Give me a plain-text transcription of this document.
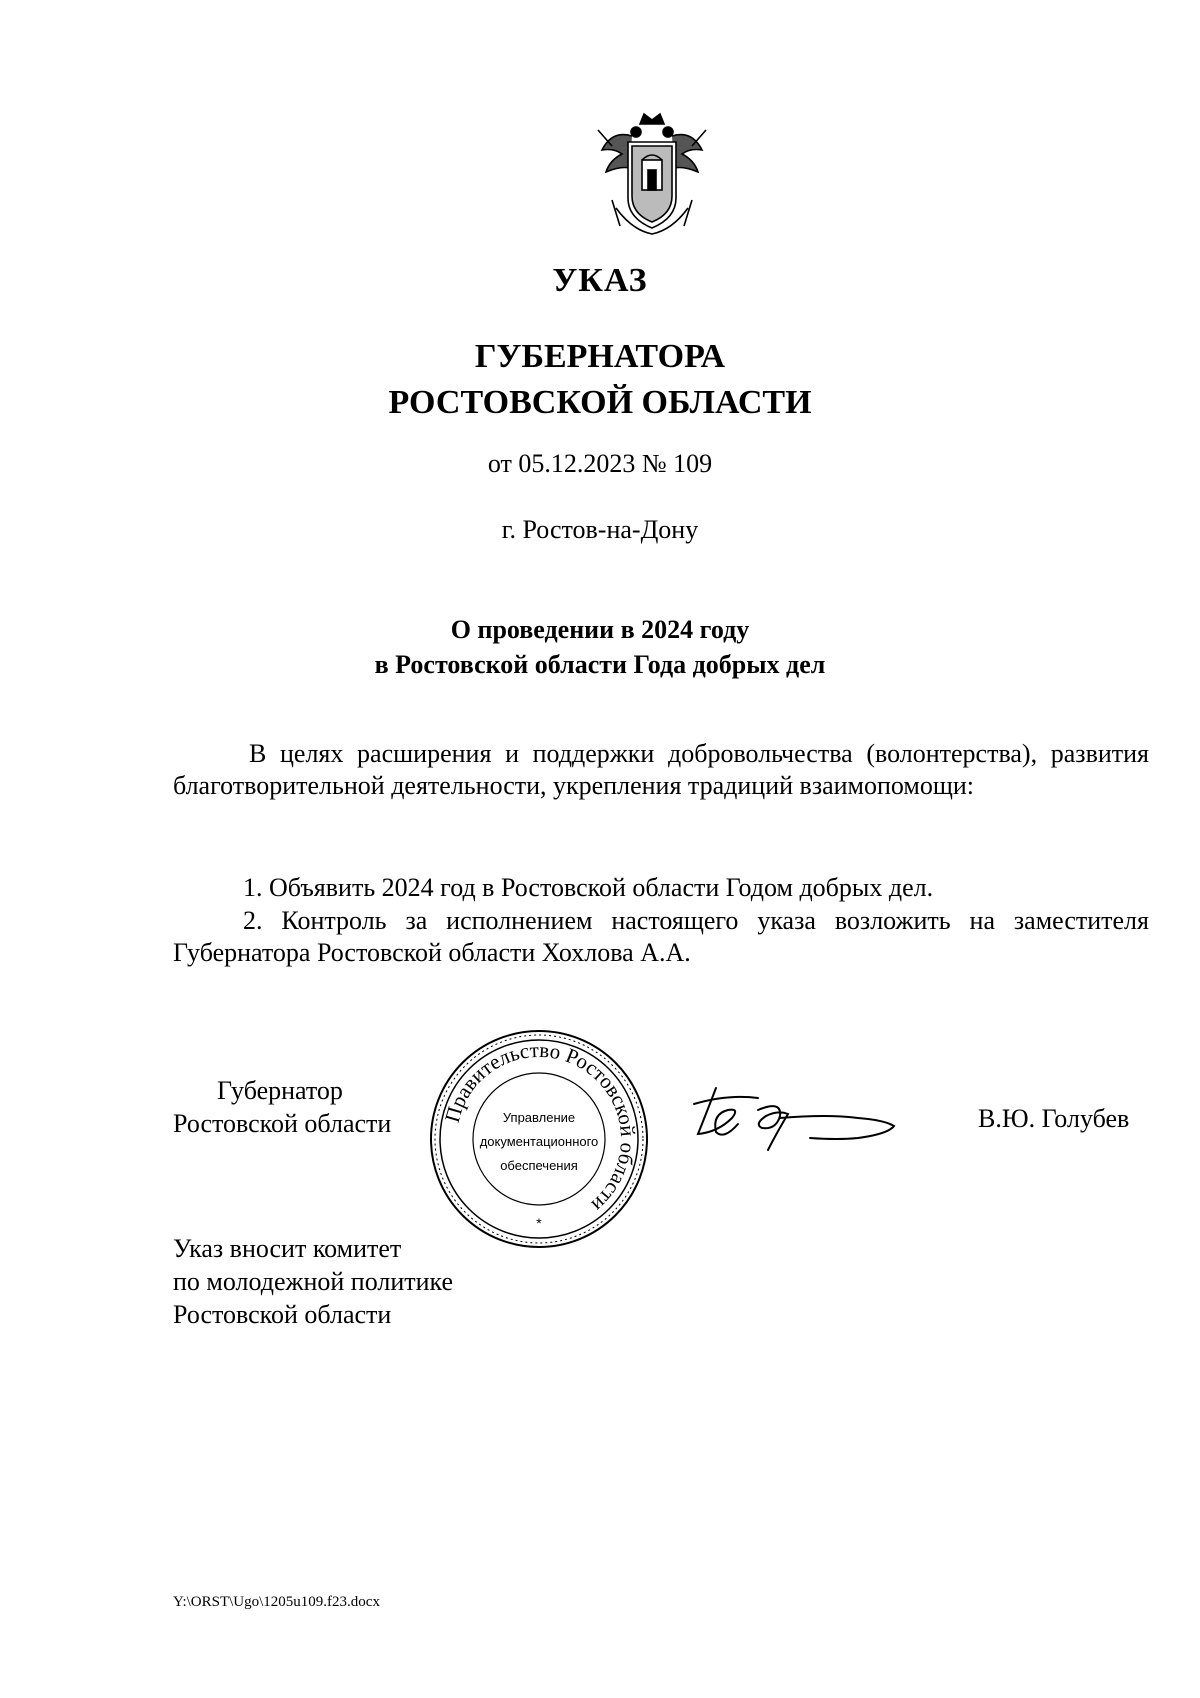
УКАЗ
ГУБЕРНАТОРА
РОСТОВСКОЙ ОБЛАСТИ
от 05.12.2023 № 109
г. Ростов-на-Дону
О проведении в 2024 году
в Ростовской области Года добрых дел
В целях расширения и поддержки добровольчества (волонтерства), развития благотворительной деятельности, укрепления традиций взаимопомощи:
1. Объявить 2024 год в Ростовской области Годом добрых дел.
2. Контроль за исполнением настоящего указа возложить на заместителя Губернатора Ростовской области Хохлова А.А.
Губернатор
Ростовской области Правительство Ростовской области
Управление
документационного
обеспечения
*
В.Ю. Голубев
Указ вносит комитет
по молодежной политике
Ростовской области
Y:\ORST\Ugo\1205u109.f23.docx
